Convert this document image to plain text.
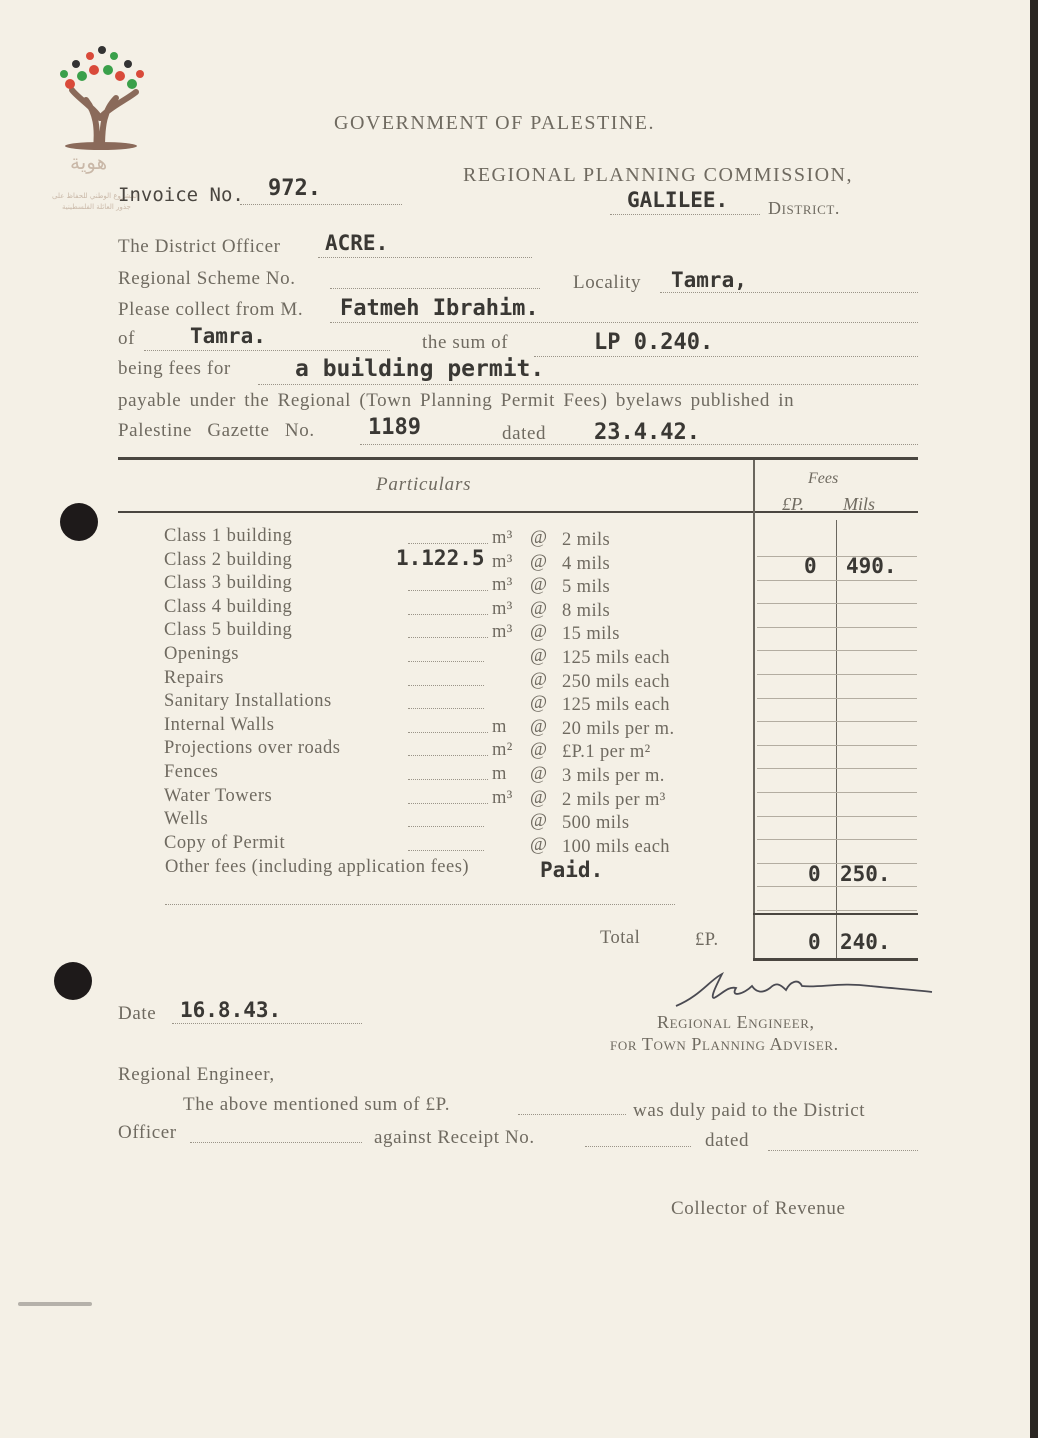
هوية
المشروع الوطني للحفاظ على
جذور العائلة الفلسطينية
GOVERNMENT OF PALESTINE.
REGIONAL PLANNING COMMISSION,
GALILEE. District.
Invoice No. 972.
The District Officer ACRE.
Regional Scheme No.	Locality Tamra,
Please collect from M. Fatmeh Ibrahim.
of	Tamra.	the sum of	LP 0.240.
being fees for	a building permit.
payable under the Regional (Town Planning Permit Fees) byelaws published in
Palestine Gazette No. 1189	dated 23.4.42.
Particulars	Fees
£P. Mils
Class 1 building	m³ @ 2 mils
Class 2 building	1.122.5 m³ @ 4 mils	0 490.
Class 3 building	m³ @ 5 mils
Class 4 building	m³ @ 8 mils
Class 5 building	m³ @ 15 mils
Openings	@ 125 mils each
Repairs	@ 250 mils each
Sanitary Installations	@ 125 mils each
Internal Walls	m @ 20 mils per m.
Projections over roads	m² @ £P.1 per m²
Fences	m @ 3 mils per m.
Water Towers	m³ @ 2 mils per m³
Wells	@ 500 mils
Copy of Permit	@ 100 mils each
Other fees (including application fees)	Paid.	0 250.
Total	£P.	0 240.
Date 16.8.43.	Regional Engineer,
for Town Planning Adviser.
Regional Engineer,
The above mentioned sum of £P.	was duly paid to the District
Officer	against Receipt No.	dated
Collector of Revenue
